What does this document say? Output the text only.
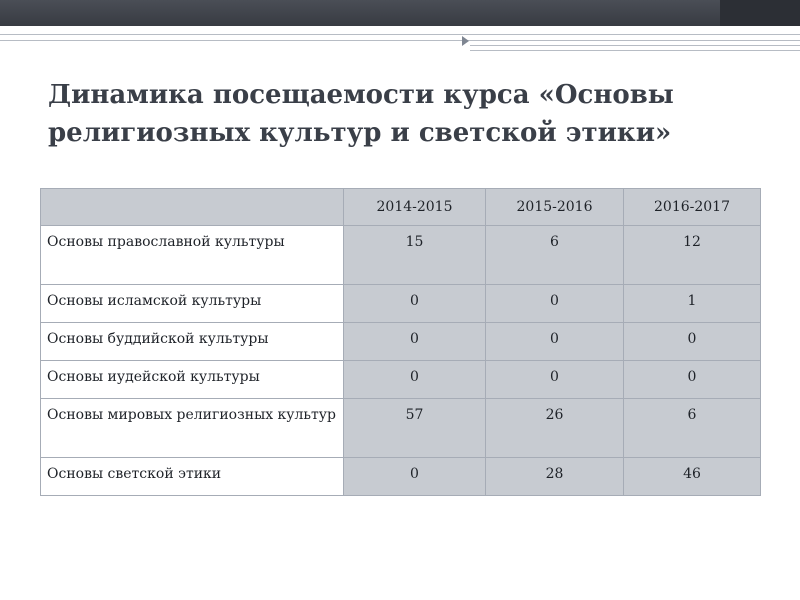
Динамика посещаемости курса «Основы религиозных культур и светской этики»
	2014-2015	2015-2016	2016-2017
Основы православной культуры	15	6	12
Основы исламской культуры	0	0	1
Основы буддийской культуры	0	0	0
Основы иудейской культуры	0	0	0
Основы мировых религиозных культур	57	26	6
Основы светской этики	0	28	46
